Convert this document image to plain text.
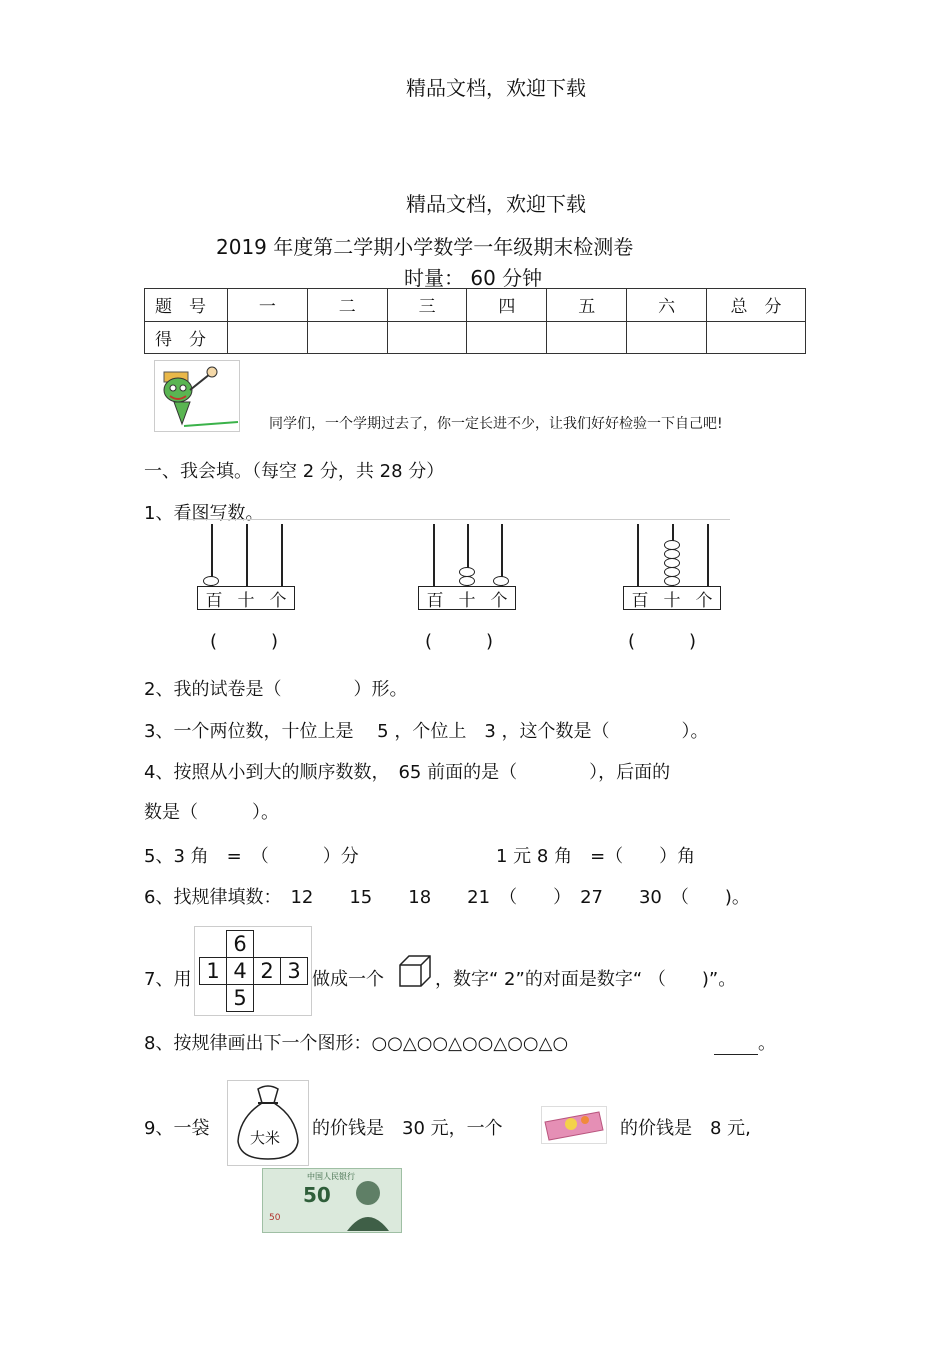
精品文档，欢迎下载
精品文档，欢迎下载
2019 年度第二学期小学数学一年级期末检测卷
时量： 60 分钟
题　号	一	二	三	四	五	六	总　分
得　分							
同学们，一个学期过去了，你一定长进不少，让我们好好检验一下自己吧!
一、我会填。（每空 2 分，共 28 分）
1、看图写数。
百 十 个	百 十 个	百 十 个
(　　　)	(　　　)	(　　　)
2、我的试卷是（　　　　）形。
3、一个两位数，十位上是　 5 ，个位上　3 ，这个数是（　　　　）。
4、按照从小到大的顺序数数，　65 前面的是（　　　　），后面的
数是（　　　）。
5、3 角　=　（　　　）分	1 元 8 角　=（　　）角
6、找规律填数：　12　　15　　18　　21　（　　）　27　　30　（　　)。
7、用
6
1 4 2 3
5
做成一个	，数字“ 2”的对面是数字“ （　　)”。
8、按规律画出下一个图形：○○△○○△○○△○○△○	。
9、一袋	大米 的价钱是　30 元，一个	的价钱是　8 元,
中国人民银行
50
50
